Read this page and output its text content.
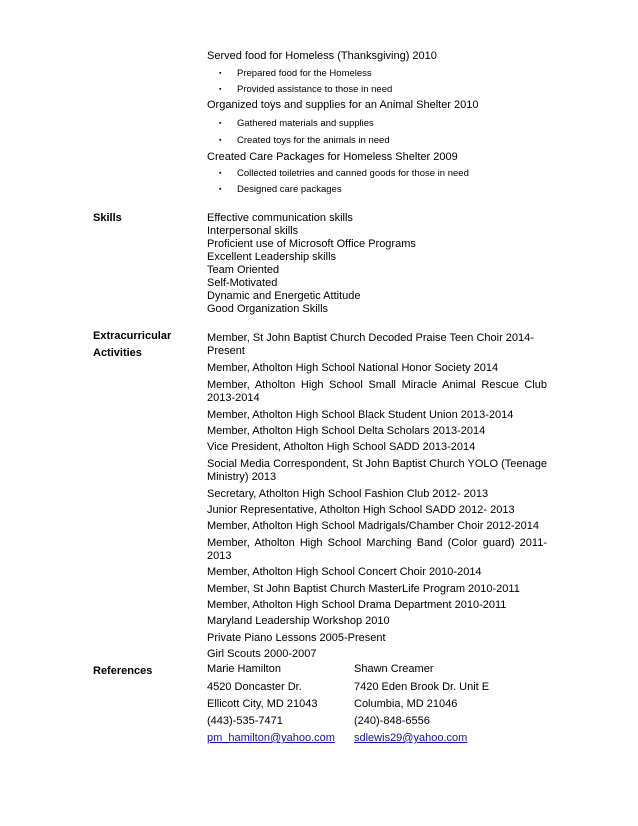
Served food for Homeless (Thanksgiving) 2010
▪ Prepared food for the Homeless
▪ Provided assistance to those in need
Organized toys and supplies for an Animal Shelter 2010
▪ Gathered materials and supplies
▪ Created toys for the animals in need
Created Care Packages for Homeless Shelter 2009
▪ Collected toiletries and canned goods for those in need
▪ Designed care packages
Skills	Effective communication skills
Interpersonal skills
Proficient use of Microsoft Office Programs
Excellent Leadership skills
Team Oriented
Self-Motivated
Dynamic and Energetic Attitude
Good Organization Skills
Extracurricular
Activities
Member, St John Baptist Church Decoded Praise Teen Choir 2014-
Present
Member, Atholton High School National Honor Society 2014
Member, Atholton High School Small Miracle Animal Rescue Club
2013-2014
Member, Atholton High School Black Student Union 2013-2014
Member, Atholton High School Delta Scholars 2013-2014
Vice President, Atholton High School SADD 2013-2014
Social Media Correspondent, St John Baptist Church YOLO (Teenage
Ministry) 2013
Secretary, Atholton High School Fashion Club 2012- 2013
Junior Representative, Atholton High School SADD 2012- 2013
Member, Atholton High School Madrigals/Chamber Choir 2012-2014
Member, Atholton High School Marching Band (Color guard) 2011-
2013
Member, Atholton High School Concert Choir 2010-2014
Member, St John Baptist Church MasterLife Program 2010-2011
Member, Atholton High School Drama Department 2010-2011
Maryland Leadership Workshop 2010
Private Piano Lessons 2005-Present
Girl Scouts 2000-2007
References	Marie Hamilton
4520 Doncaster Dr.
Ellicott City, MD 21043
(443)-535-7471
pm_hamilton@yahoo.com
Shawn Creamer
7420 Eden Brook Dr. Unit E
Columbia, MD 21046
(240)-848-6556
sdlewis29@yahoo.com
